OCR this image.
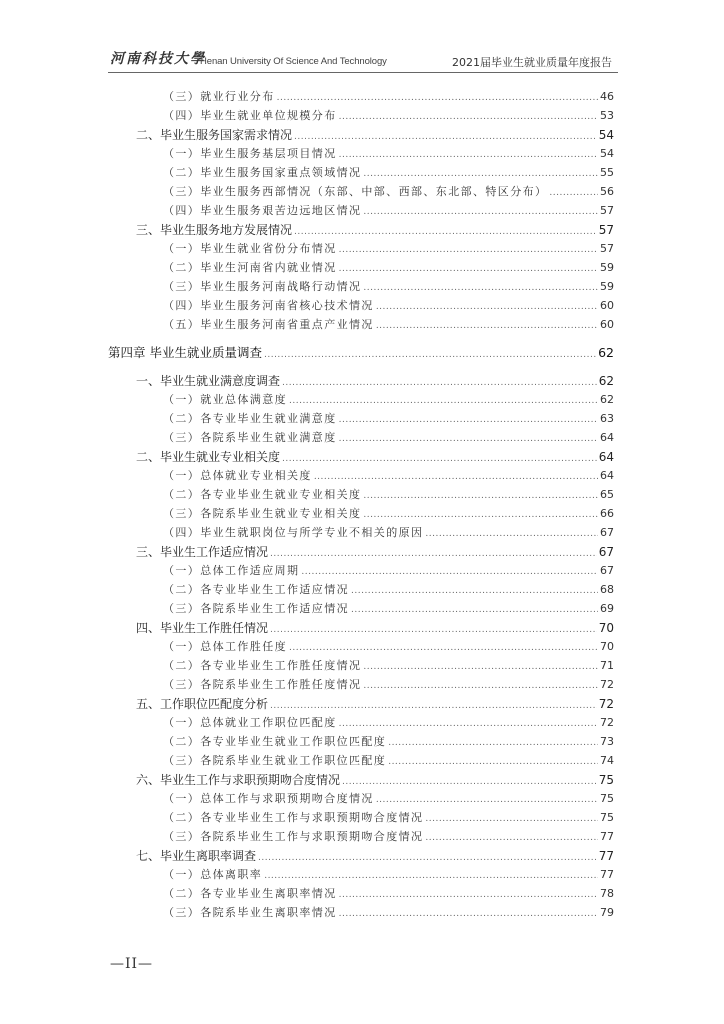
河南科技大學
Henan University Of Science And Technology	2021届毕业生就业质量年度报告
（三）就业行业分布 .....	46
（四）毕业生就业单位规模分布 .....	53
二、毕业生服务国家需求情况 .....	54
（一）毕业生服务基层项目情况 .....	54
（二）毕业生服务国家重点领域情况 .....	55
（三）毕业生服务西部情况（东部、中部、西部、东北部、特区分布） .....	56
（四）毕业生服务艰苦边远地区情况 .....	57
三、毕业生服务地方发展情况 .....	57
（一）毕业生就业省份分布情况 .....	57
（二）毕业生河南省内就业情况 .....	59
（三）毕业生服务河南战略行动情况 .....	59
（四）毕业生服务河南省核心技术情况 .....	60
（五）毕业生服务河南省重点产业情况 .....	60
第四章 毕业生就业质量调查 .....	62
一、毕业生就业满意度调查 .....	62
（一）就业总体满意度 .....	62
（二）各专业毕业生就业满意度 .....	63
（三）各院系毕业生就业满意度 .....	64
二、毕业生就业专业相关度 .....	64
（一）总体就业专业相关度 .....	64
（二）各专业毕业生就业专业相关度 .....	65
（三）各院系毕业生就业专业相关度 .....	66
（四）毕业生就职岗位与所学专业不相关的原因 .....	67
三、毕业生工作适应情况 .....	67
（一）总体工作适应周期 .....	67
（二）各专业毕业生工作适应情况 .....	68
（三）各院系毕业生工作适应情况 .....	69
四、毕业生工作胜任情况 .....	70
（一）总体工作胜任度 .....	70
（二）各专业毕业生工作胜任度情况 .....	71
（三）各院系毕业生工作胜任度情况 .....	72
五、工作职位匹配度分析 .....	72
（一）总体就业工作职位匹配度 .....	72
（二）各专业毕业生就业工作职位匹配度 .....	73
（三）各院系毕业生就业工作职位匹配度 .....	74
六、毕业生工作与求职预期吻合度情况 .....	75
（一）总体工作与求职预期吻合度情况 .....	75
（二）各专业毕业生工作与求职预期吻合度情况 .....	75
（三）各院系毕业生工作与求职预期吻合度情况 .....	77
七、毕业生离职率调查 .....	77
（一）总体离职率 .....	77
（二）各专业毕业生离职率情况 .....	78
（三）各院系毕业生离职率情况 .....	79
—II—
